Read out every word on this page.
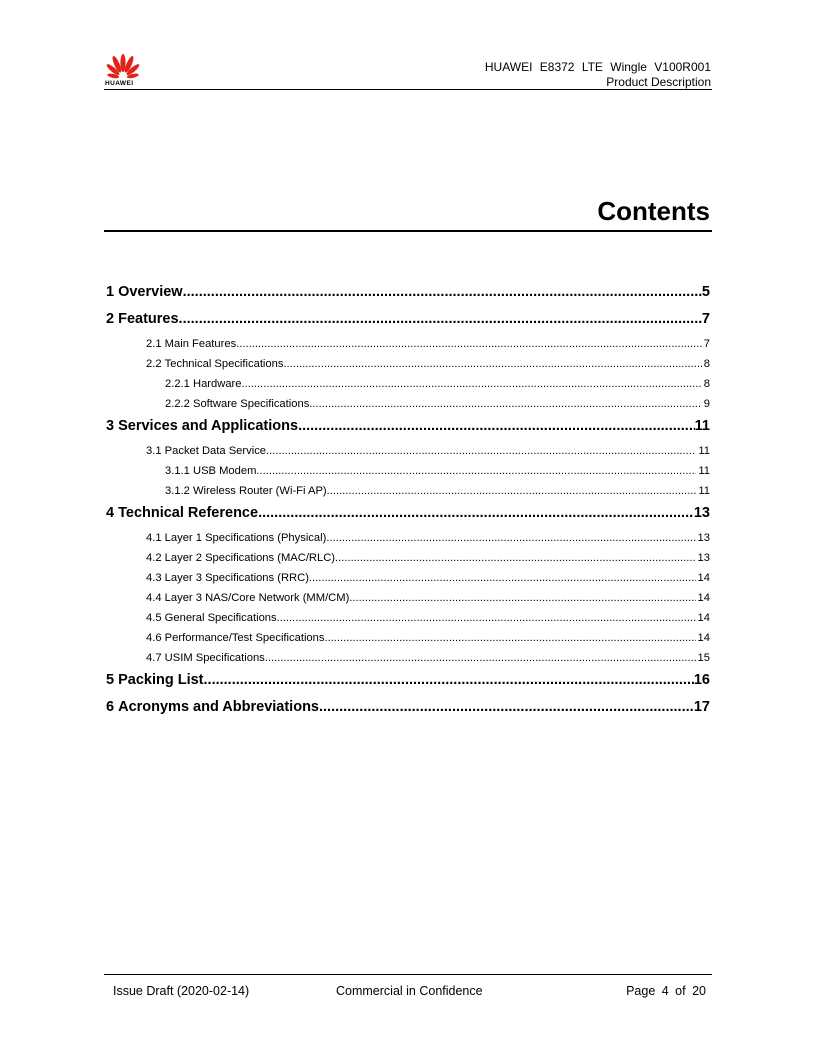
HUAWEI
HUAWEI E8372 LTE Wingle V100R001
Product Description
Contents
1 Overview .....	5
2 Features .....	7
2.1 Main Features .....	7
2.2 Technical Specifications .....	8
2.2.1 Hardware .....	8
2.2.2 Software Specifications .....	9
3 Services and Applications .....	11
3.1 Packet Data Service .....	11
3.1.1 USB Modem .....	11
3.1.2 Wireless Router (Wi-Fi AP) .....	11
4 Technical Reference .....	13
4.1 Layer 1 Specifications (Physical) .....	13
4.2 Layer 2 Specifications (MAC/RLC) .....	13
4.3 Layer 3 Specifications (RRC) .....	14
4.4 Layer 3 NAS/Core Network (MM/CM) .....	14
4.5 General Specifications .....	14
4.6 Performance/Test Specifications .....	14
4.7 USIM Specifications .....	15
5 Packing List .....	16
6 Acronyms and Abbreviations .....	17
Issue Draft (2020-02-14)	Commercial in Confidence	Page 4 of 20
